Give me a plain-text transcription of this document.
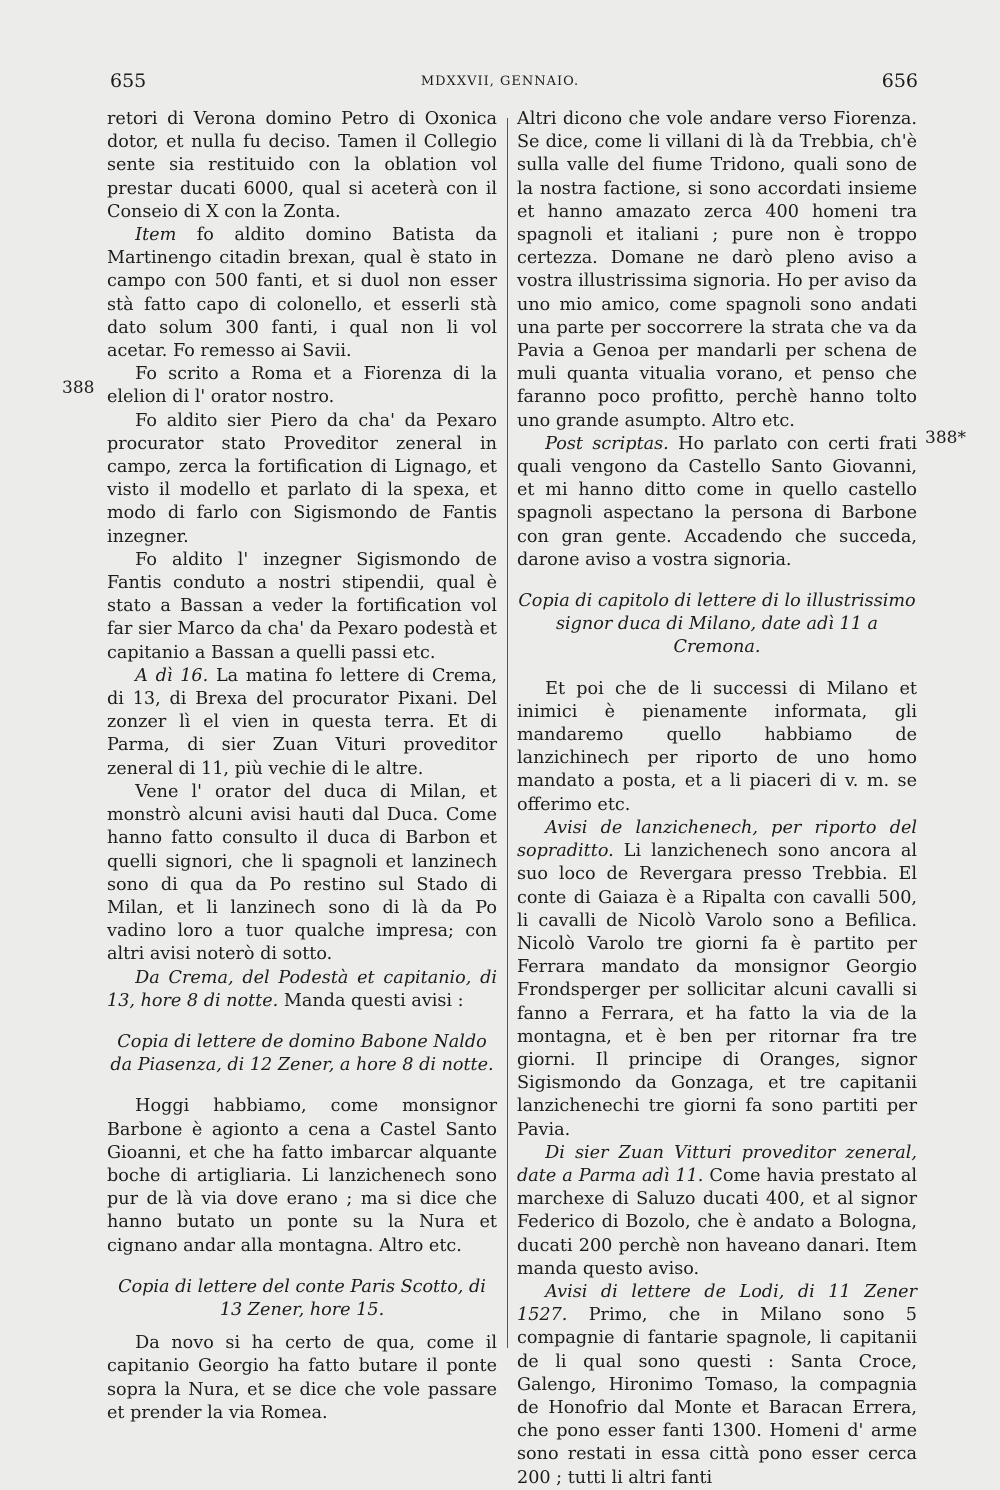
655	MDXXVII, GENNAIO.	656
388
388*

retori di Verona domino Petro di Oxonica dotor, et nulla fu deciso. Tamen il Collegio sente sia restituido con la oblation vol prestar ducati 6000, qual si aceterà con il Conseio di X con la Zonta.

Item fo aldito domino Batista da Martinengo citadin brexan, qual è stato in campo con 500 fanti, et si duol non esser stà fatto capo di colonello, et esserli stà dato solum 300 fanti, i qual non li vol acetar. Fo remesso ai Savii.

Fo scrito a Roma et a Fiorenza di la elelion di l' orator nostro.

Fo aldito sier Piero da cha' da Pexaro procurator stato Proveditor zeneral in campo, zerca la fortification di Lignago, et visto il modello et parlato di la spexa, et modo di farlo con Sigismondo de Fantis inzegner.

Fo aldito l' inzegner Sigismondo de Fantis conduto a nostri stipendii, qual è stato a Bassan a veder la fortification vol far sier Marco da cha' da Pexaro podestà et capitanio a Bassan a quelli passi etc.

A dì 16. La matina fo lettere di Crema, di 13, di Brexa del procurator Pixani. Del zonzer lì el vien in questa terra. Et di Parma, di sier Zuan Vituri proveditor zeneral di 11, più vechie di le altre.

Vene l' orator del duca di Milan, et monstrò alcuni avisi hauti dal Duca. Come hanno fatto consulto il duca di Barbon et quelli signori, che li spagnoli et lanzinech sono di qua da Po restino sul Stado di Milan, et li lanzinech sono di là da Po vadino loro a tuor qualche impresa; con altri avisi noterò di sotto.

Da Crema, del Podestà et capitanio, di 13, hore 8 di notte. Manda questi avisi :

Copia di lettere de domino Babone Naldo da Piasenza, di 12 Zener, a hore 8 di notte.

Hoggi habbiamo, come monsignor Barbone è agionto a cena a Castel Santo Gioanni, et che ha fatto imbarcar alquante boche di artigliaria. Li lanzichenech sono pur de là via dove erano ; ma si dice che hanno butato un ponte su la Nura et cignano andar alla montagna. Altro etc.

Copia di lettere del conte Paris Scotto, di 13 Zener, hore 15.

Da novo si ha certo de qua, come il capitanio Georgio ha fatto butare il ponte sopra la Nura, et se dice che vole passare et prender la via Romea.

Altri dicono che vole andare verso Fiorenza. Se dice, come li villani di là da Trebbia, ch'è sulla valle del fiume Tridono, quali sono de la nostra factione, si sono accordati insieme et hanno amazato zerca 400 homeni tra spagnoli et italiani ; pure non è troppo certezza. Domane ne darò pleno aviso a vostra illustrissima signoria. Ho per aviso da uno mio amico, come spagnoli sono andati una parte per soccorrere la strata che va da Pavia a Genoa per mandarli per schena de muli quanta vitualia vorano, et penso che faranno poco profitto, perchè hanno tolto uno grande asumpto. Altro etc.

Post scriptas. Ho parlato con certi frati quali vengono da Castello Santo Giovanni, et mi hanno ditto come in quello castello spagnoli aspectano la persona di Barbone con gran gente. Accadendo che succeda, darone aviso a vostra signoria.

Copia di capitolo di lettere di lo illustrissimo signor duca di Milano, date adì 11 a Cremona.

Et poi che de li successi di Milano et inimici è pienamente informata, gli mandaremo quello habbiamo de lanzichinech per riporto de uno homo mandato a posta, et a li piaceri di v. m. se offerimo etc.

Avisi de lanzichenech, per riporto del sopraditto. Li lanzichenech sono ancora al suo loco de Revergara presso Trebbia. El conte di Gaiaza è a Ripalta con cavalli 500, li cavalli de Nicolò Varolo sono a Befilica. Nicolò Varolo tre giorni fa è partito per Ferrara mandato da monsignor Georgio Frondsperger per sollicitar alcuni cavalli si fanno a Ferrara, et ha fatto la via de la montagna, et è ben per ritornar fra tre giorni. Il principe di Oranges, signor Sigismondo da Gonzaga, et tre capitanii lanzichenechi tre giorni fa sono partiti per Pavia.

Di sier Zuan Vitturi proveditor zeneral, date a Parma adì 11. Come havia prestato al marchexe di Saluzo ducati 400, et al signor Federico di Bozolo, che è andato a Bologna, ducati 200 perchè non haveano danari. Item manda questo aviso.

Avisi di lettere de Lodi, di 11 Zener 1527. Primo, che in Milano sono 5 compagnie di fantarie spagnole, li capitanii de li qual sono questi : Santa Croce, Galengo, Hironimo Tomaso, la compagnia de Honofrio dal Monte et Baracan Errera, che pono esser fanti 1300. Homeni d' arme sono restati in essa città pono esser cerca 200 ; tutti li altri fanti
